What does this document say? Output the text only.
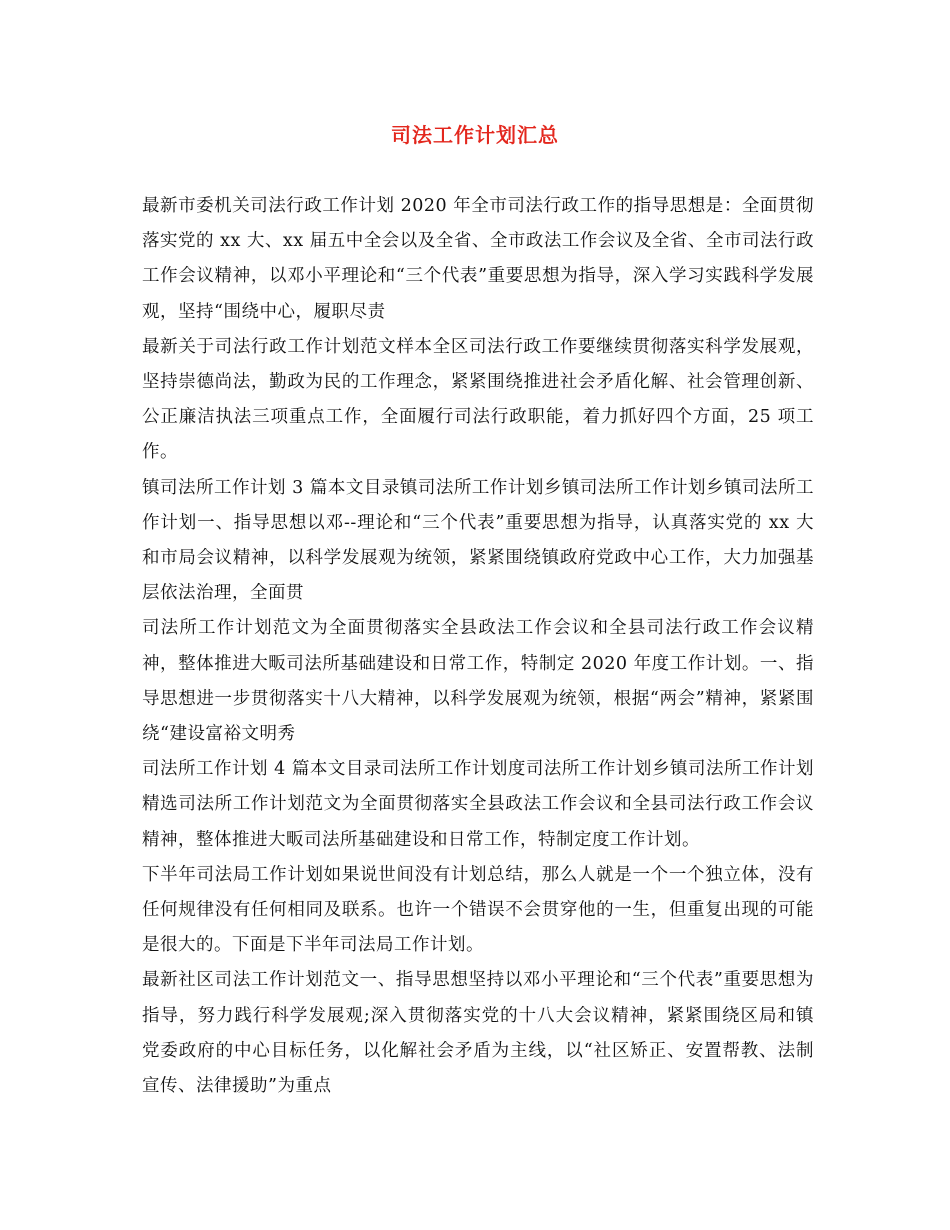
司法工作计划汇总

最新市委机关司法行政工作计划 2020 年全市司法行政工作的指导思想是：全面贯彻落实党的 xx 大、xx 届五中全会以及全省、全市政法工作会议及全省、全市司法行政工作会议精神，以邓小平理论和“三个代表”重要思想为指导，深入学习实践科学发展观，坚持“围绕中心，履职尽责

最新关于司法行政工作计划范文样本全区司法行政工作要继续贯彻落实科学发展观，坚持崇德尚法，勤政为民的工作理念，紧紧围绕推进社会矛盾化解、社会管理创新、公正廉洁执法三项重点工作，全面履行司法行政职能，着力抓好四个方面，25 项工作。

镇司法所工作计划 3 篇本文目录镇司法所工作计划乡镇司法所工作计划乡镇司法所工作计划一、指导思想以邓--理论和“三个代表”重要思想为指导，认真落实党的 xx 大和市局会议精神，以科学发展观为统领，紧紧围绕镇政府党政中心工作，大力加强基层依法治理，全面贯

司法所工作计划范文为全面贯彻落实全县政法工作会议和全县司法行政工作会议精神，整体推进大畈司法所基础建设和日常工作，特制定 2020 年度工作计划。一、指导思想进一步贯彻落实十八大精神，以科学发展观为统领，根据“两会”精神，紧紧围绕“建设富裕文明秀

司法所工作计划 4 篇本文目录司法所工作计划度司法所工作计划乡镇司法所工作计划精选司法所工作计划范文为全面贯彻落实全县政法工作会议和全县司法行政工作会议精神，整体推进大畈司法所基础建设和日常工作，特制定度工作计划。

下半年司法局工作计划如果说世间没有计划总结，那么人就是一个一个独立体，没有任何规律没有任何相同及联系。也许一个错误不会贯穿他的一生，但重复出现的可能是很大的。下面是下半年司法局工作计划。

最新社区司法工作计划范文一、指导思想坚持以邓小平理论和“三个代表”重要思想为指导，努力践行科学发展观;深入贯彻落实党的十八大会议精神，紧紧围绕区局和镇党委政府的中心目标任务，以化解社会矛盾为主线，以“社区矫正、安置帮教、法制宣传、法律援助”为重点
